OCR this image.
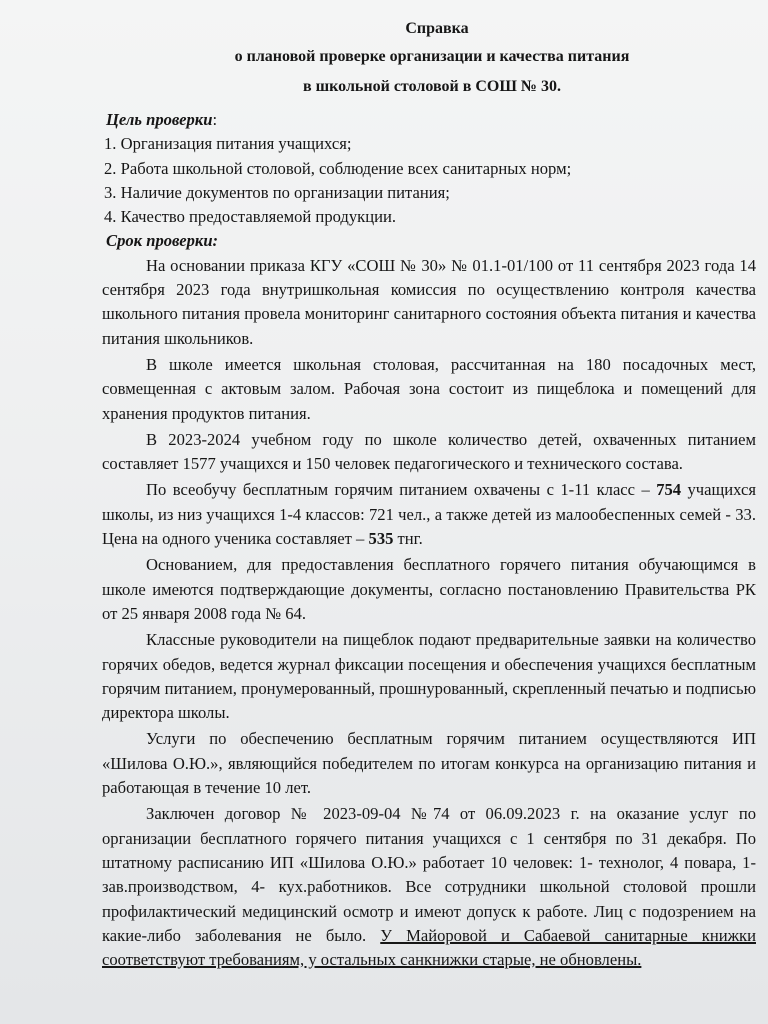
Справка

о плановой проверке организации и качества питания

в школьной столовой в СОШ № 30.

Цель проверки:

1. Организация питания учащихся;

2. Работа школьной столовой, соблюдение всех санитарных норм;

3. Наличие документов по организации питания;

4. Качество предоставляемой продукции.

Срок проверки:

На основании приказа КГУ «СОШ № 30» № 01.1-01/100 от 11 сентября 2023 года 14 сентября 2023 года внутришкольная комиссия по осуществлению контроля качества школьного питания провела мониторинг санитарного состояния объекта питания и качества питания школьников.

В школе имеется школьная столовая, рассчитанная на 180 посадочных мест, совмещенная с актовым залом. Рабочая зона состоит из пищеблока и помещений для хранения продуктов питания.

В 2023-2024 учебном году по школе количество детей, охваченных питанием составляет 1577 учащихся и 150 человек педагогического и технического состава.

По всеобучу бесплатным горячим питанием охвачены с 1-11 класс – 754 учащихся школы, из низ учащихся 1-4 классов: 721 чел., а также детей из малообеспенных семей - 33. Цена на одного ученика составляет – 535 тнг.

Основанием, для предоставления бесплатного горячего питания обучающимся в школе имеются подтверждающие документы, согласно постановлению Правительства РК от 25 января 2008 года № 64.

Классные руководители на пищеблок подают предварительные заявки на количество горячих обедов, ведется журнал фиксации посещения и обеспечения учащихся бесплатным горячим питанием, пронумерованный, прошнурованный, скрепленный печатью и подписью директора школы.

Услуги по обеспечению бесплатным горячим питанием осуществляются ИП «Шилова О.Ю.», являющийся победителем по итогам конкурса на организацию питания и работающая в течение 10 лет.

Заключен договор № 2023-09-04 №74 от 06.09.2023 г. на оказание услуг по организации бесплатного горячего питания учащихся с 1 сентября по 31 декабря. По штатному расписанию ИП «Шилова О.Ю.» работает 10 человек: 1- технолог, 4 повара, 1- зав.производством, 4- кух.работников. Все сотрудники школьной столовой прошли профилактический медицинский осмотр и имеют допуск к работе. Лиц с подозрением на какие-либо заболевания не было. У Майоровой и Сабаевой санитарные книжки соответствуют требованиям, у остальных санкнижки старые, не обновлены.
